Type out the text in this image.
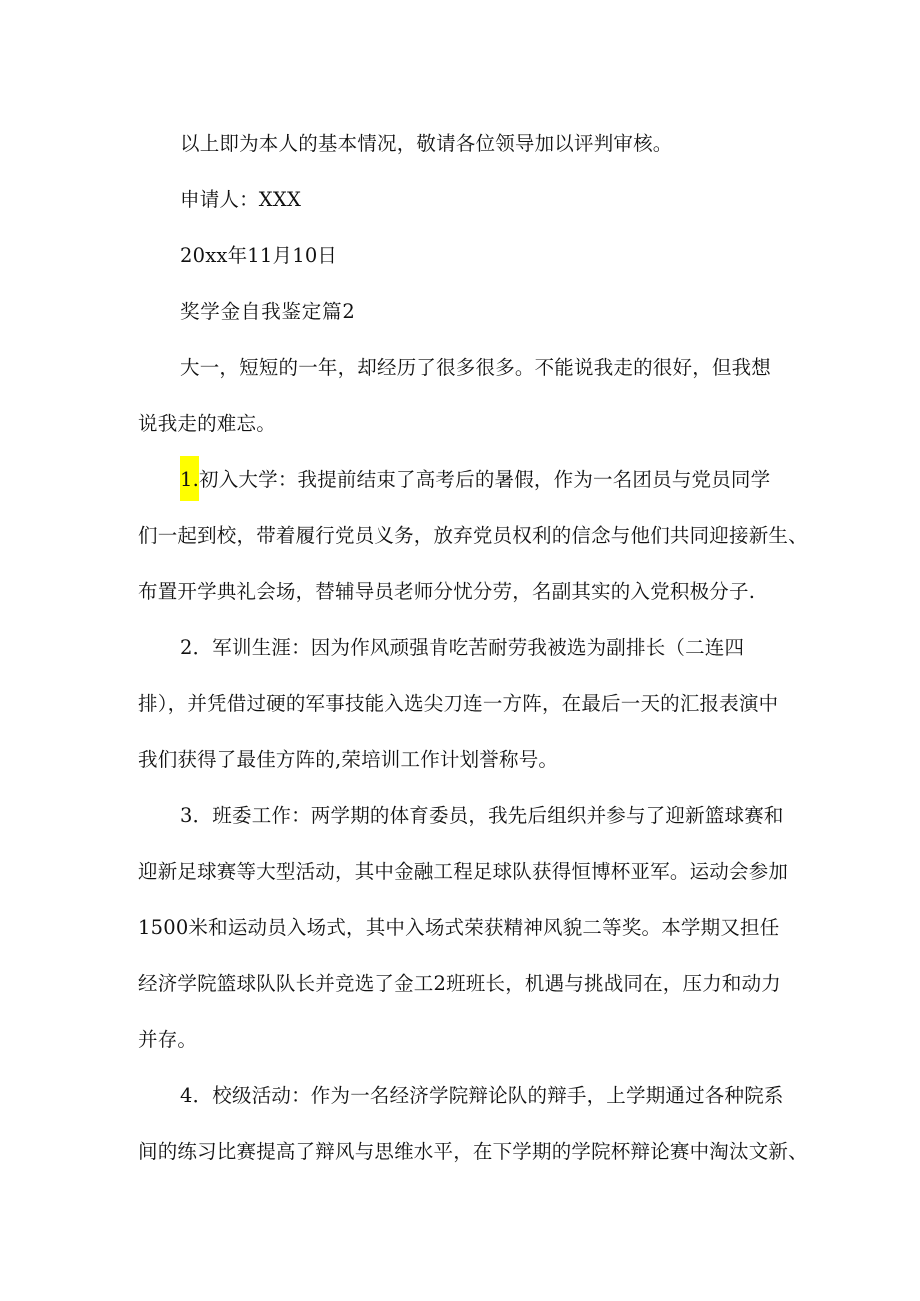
以上即为本人的基本情况，敬请各位领导加以评判审核。
申请人：XXX
20xx年11月10日
奖学金自我鉴定篇2
大一，短短的一年，却经历了很多很多。不能说我走的很好，但我想
说我走的难忘。
1.初入大学：我提前结束了高考后的暑假，作为一名团员与党员同学
们一起到校，带着履行党员义务，放弃党员权利的信念与他们共同迎接新生、
布置开学典礼会场，替辅导员老师分忧分劳，名副其实的入党积极分子.
2．军训生涯：因为作风顽强肯吃苦耐劳我被选为副排长（二连四
排），并凭借过硬的军事技能入选尖刀连一方阵，在最后一天的汇报表演中
我们获得了最佳方阵的,荣培训工作计划誉称号。
3．班委工作：两学期的体育委员，我先后组织并参与了迎新篮球赛和
迎新足球赛等大型活动，其中金融工程足球队获得恒博杯亚军。运动会参加
1500米和运动员入场式，其中入场式荣获精神风貌二等奖。本学期又担任
经济学院篮球队队长并竞选了金工2班班长，机遇与挑战同在，压力和动力
并存。
4．校级活动：作为一名经济学院辩论队的辩手，上学期通过各种院系
间的练习比赛提高了辩风与思维水平，在下学期的学院杯辩论赛中淘汰文新、
